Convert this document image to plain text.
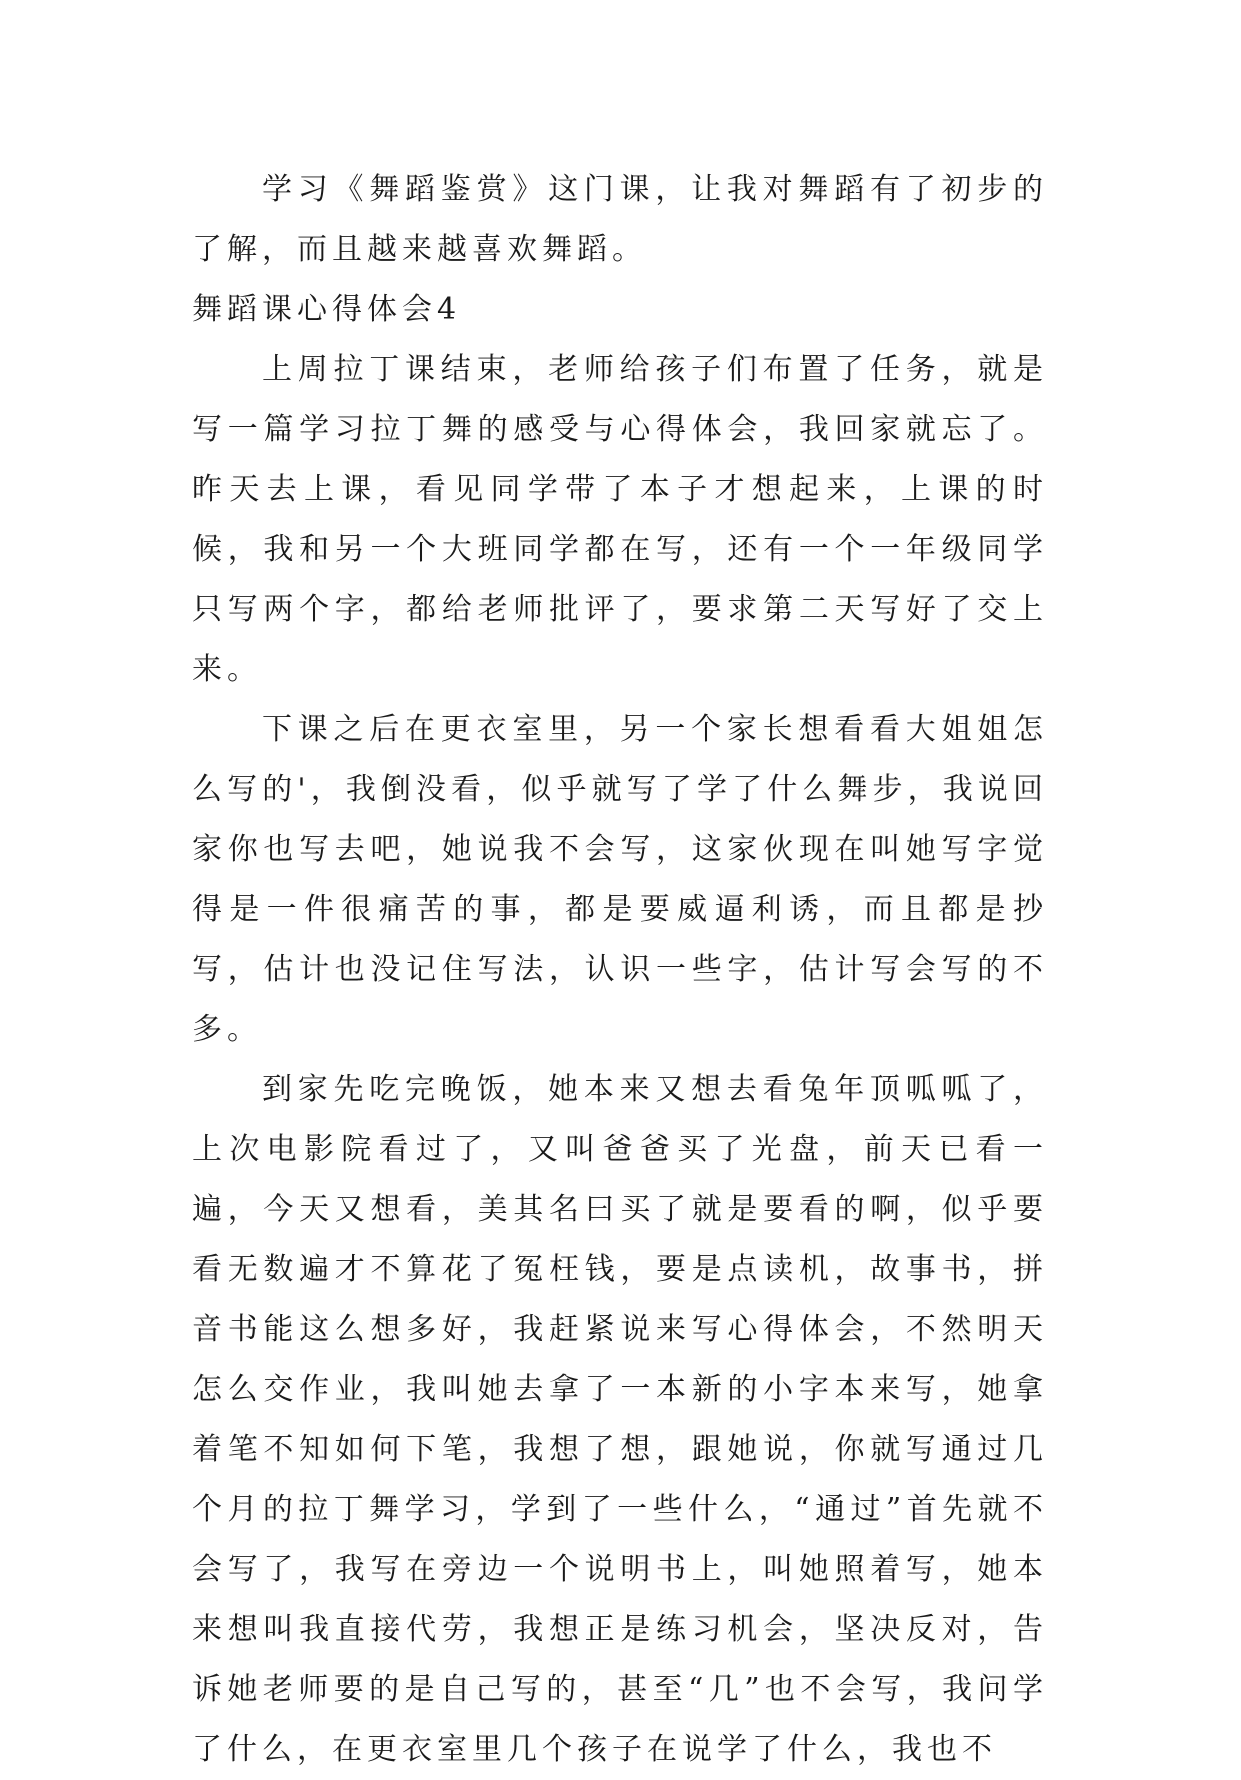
学习《舞蹈鉴赏》这门课，让我对舞蹈有了初步的了解，而且越来越喜欢舞蹈。

舞蹈课心得体会4

上周拉丁课结束，老师给孩子们布置了任务，就是写一篇学习拉丁舞的感受与心得体会，我回家就忘了。昨天去上课，看见同学带了本子才想起来，上课的时候，我和另一个大班同学都在写，还有一个一年级同学只写两个字，都给老师批评了，要求第二天写好了交上来。

下课之后在更衣室里，另一个家长想看看大姐姐怎么写的'，我倒没看，似乎就写了学了什么舞步，我说回家你也写去吧，她说我不会写，这家伙现在叫她写字觉得是一件很痛苦的事，都是要威逼利诱，而且都是抄写，估计也没记住写法，认识一些字，估计写会写的不多。

到家先吃完晚饭，她本来又想去看兔年顶呱呱了，上次电影院看过了，又叫爸爸买了光盘，前天已看一遍，今天又想看，美其名曰买了就是要看的啊，似乎要看无数遍才不算花了冤枉钱，要是点读机，故事书，拼音书能这么想多好，我赶紧说来写心得体会，不然明天怎么交作业，我叫她去拿了一本新的小字本来写，她拿着笔不知如何下笔，我想了想，跟她说，你就写通过几个月的拉丁舞学习，学到了一些什么，“通过”首先就不会写了，我写在旁边一个说明书上，叫她照着写，她本来想叫我直接代劳，我想正是练习机会，坚决反对，告诉她老师要的是自己写的，甚至“几”也不会写，我问学了什么，在更衣室里几个孩子在说学了什么，我也不
